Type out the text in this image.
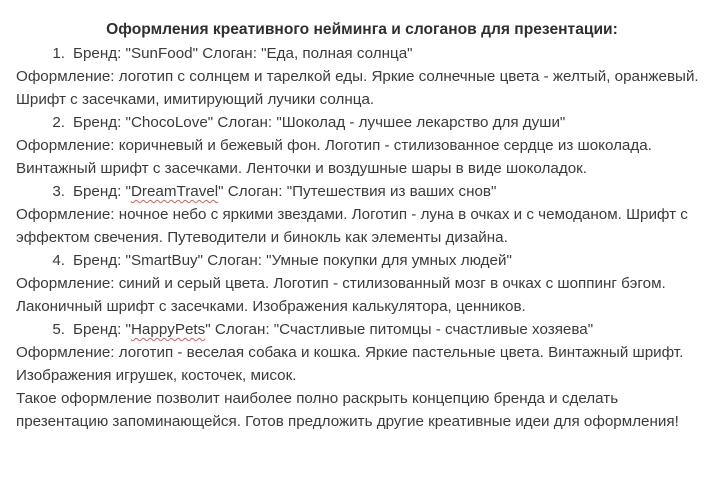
Оформления креативного нейминга и слоганов для презентации:
1. Бренд: "SunFood" Слоган: "Еда, полная солнца"
Оформление: логотип с солнцем и тарелкой еды. Яркие солнечные цвета - желтый, оранжевый. Шрифт с засечками, имитирующий лучики солнца.
2. Бренд: "ChocoLove" Слоган: "Шоколад - лучшее лекарство для души"
Оформление: коричневый и бежевый фон. Логотип - стилизованное сердце из шоколада. Винтажный шрифт с засечками. Ленточки и воздушные шары в виде шоколадок.
3. Бренд: "DreamTravel" Слоган: "Путешествия из ваших снов"
Оформление: ночное небо с яркими звездами. Логотип - луна в очках и с чемоданом. Шрифт с эффектом свечения. Путеводители и бинокль как элементы дизайна.
4. Бренд: "SmartBuy" Слоган: "Умные покупки для умных людей"
Оформление: синий и серый цвета. Логотип - стилизованный мозг в очках с шоппинг бэгом. Лаконичный шрифт с засечками. Изображения калькулятора, ценников.
5. Бренд: "HappyPets" Слоган: "Счастливые питомцы - счастливые хозяева"
Оформление: логотип - веселая собака и кошка. Яркие пастельные цвета. Винтажный шрифт. Изображения игрушек, косточек, мисок.
Такое оформление позволит наиболее полно раскрыть концепцию бренда и сделать презентацию запоминающейся. Готов предложить другие креативные идеи для оформления!
